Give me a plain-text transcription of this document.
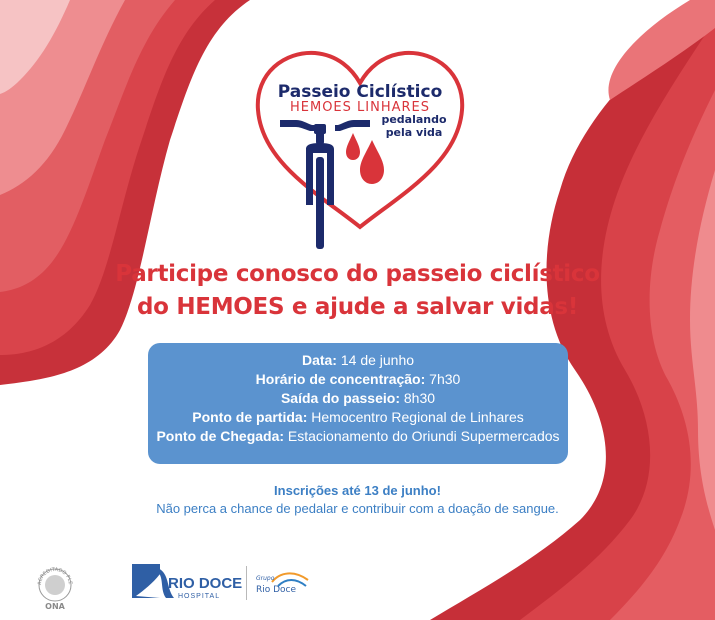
Passeio Ciclístico
HEMOES LINHARES
pedalando
pela vida
Participe conosco do passeio ciclístico
do HEMOES e ajude a salvar vidas!
Data: 14 de junho
Horário de concentração: 7h30
Saída do passeio: 8h30
Ponto de partida: Hemocentro Regional de Linhares
Ponto de Chegada: Estacionamento do Oriundi Supermercados
Inscrições até 13 de junho!
Não perca a chance de pedalar e contribuir com a doação de sangue.
ACREDITADO PLE
ONA
RIO DOCE
HOSPITAL
Grupo
Rio Doce
